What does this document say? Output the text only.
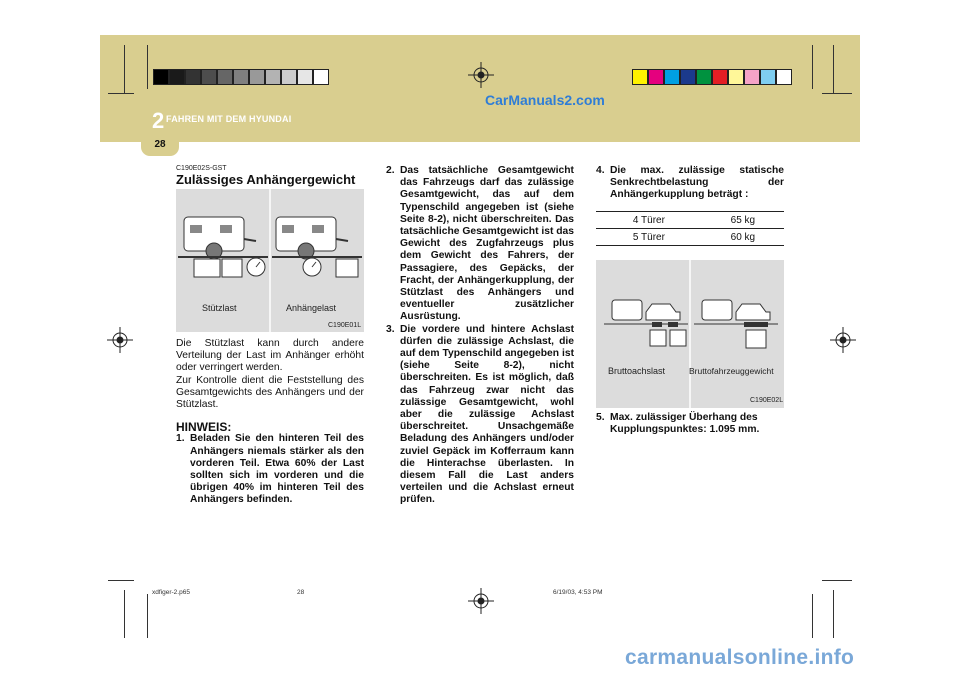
CarManuals2.com
2 FAHREN MIT DEM HYUNDAI
28
C190E02S-GST
Zulässiges Anhängergewicht
Stützlast	Anhängelast
C190E01L
Die Stützlast kann durch andere Verteilung der Last im Anhänger erhöht oder verringert werden.
Zur Kontrolle dient die Feststellung des Gesamtgewichts des Anhängers und der Stützlast.
HINWEIS:
1. Beladen Sie den hinteren Teil des Anhängers niemals stärker als den vorderen Teil. Etwa 60% der Last sollten sich im vorderen und die übrigen 40% im hinteren Teil des Anhängers befinden.
2. Das tatsächliche Gesamtgewicht das Fahrzeugs darf das zulässige Gesamtgewicht, das auf dem Typenschild angegeben ist (siehe Seite 8-2), nicht überschreiten. Das tatsächliche Gesamtgewicht ist das Gewicht des Zugfahrzeugs plus dem Gewicht des Fahrers, der Passagiere, des Gepäcks, der Fracht, der Anhängerkupplung, der Stützlast des Anhängers und eventueller zusätzlicher Ausrüstung.
3. Die vordere und hintere Achslast dürfen die zulässige Achslast, die auf dem Typenschild angegeben ist (siehe Seite 8-2), nicht überschreiten. Es ist möglich, daß das Fahrzeug zwar nicht das zulässige Gesamtgewicht, wohl aber die zulässige Achslast überschreitet. Unsachgemäße Beladung des Anhängers und/oder zuviel Gepäck im Kofferraum kann die Hinterachse überlasten. In diesem Fall die Last anders verteilen und die Achslast erneut prüfen.
4. Die max. zulässige statische Senkrechtbelastung der Anhängerkupplung beträgt :
4 Türer	65 kg
5 Türer	60 kg
Bruttoachslast	Bruttofahrzeuggewicht
C190E02L
5. Max. zulässiger Überhang des Kupplungspunktes: 1.095 mm.
xdfiger-2.p65	28	6/19/03, 4:53 PM
carmanualsonline.info
